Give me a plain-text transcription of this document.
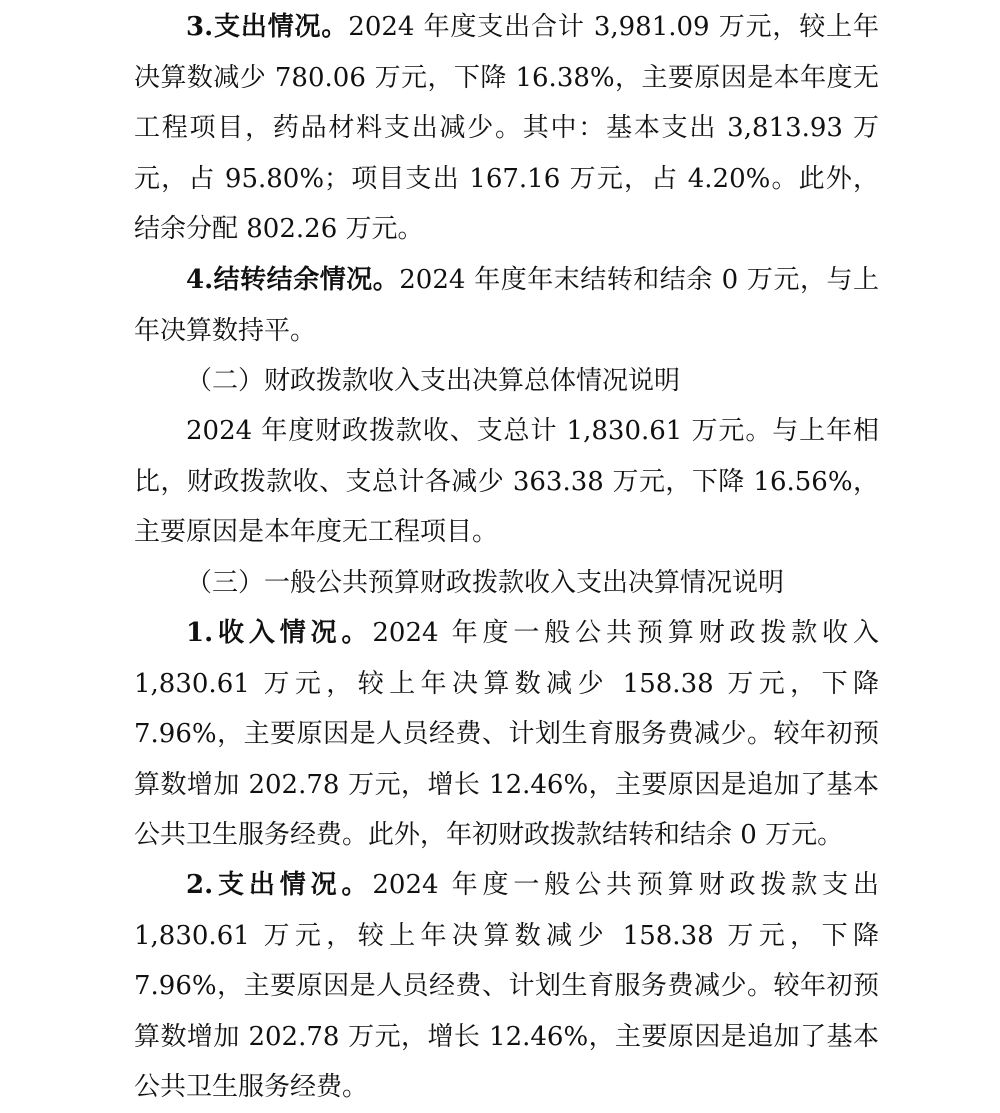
3.支出情况。2024 年度支出合计 3,981.09 万元，较上年决算数减少 780.06 万元，下降 16.38%，主要原因是本年度无工程项目，药品材料支出减少。其中：基本支出 3,813.93 万元，占 95.80%；项目支出 167.16 万元，占 4.20%。此外，结余分配 802.26 万元。

4.结转结余情况。2024 年度年末结转和结余 0 万元，与上年决算数持平。

（二）财政拨款收入支出决算总体情况说明

2024 年度财政拨款收、支总计 1,830.61 万元。与上年相比，财政拨款收、支总计各减少 363.38 万元，下降 16.56%，主要原因是本年度无工程项目。

（三）一般公共预算财政拨款收入支出决算情况说明

1.收入情况。2024 年度一般公共预算财政拨款收入 1,830.61 万元，较上年决算数减少 158.38 万元，下降 7.96%，主要原因是人员经费、计划生育服务费减少。较年初预算数增加 202.78 万元，增长 12.46%，主要原因是追加了基本公共卫生服务经费。此外，年初财政拨款结转和结余 0 万元。

2.支出情况。2024 年度一般公共预算财政拨款支出 1,830.61 万元，较上年决算数减少 158.38 万元，下降 7.96%，主要原因是人员经费、计划生育服务费减少。较年初预算数增加 202.78 万元，增长 12.46%，主要原因是追加了基本公共卫生服务经费。
